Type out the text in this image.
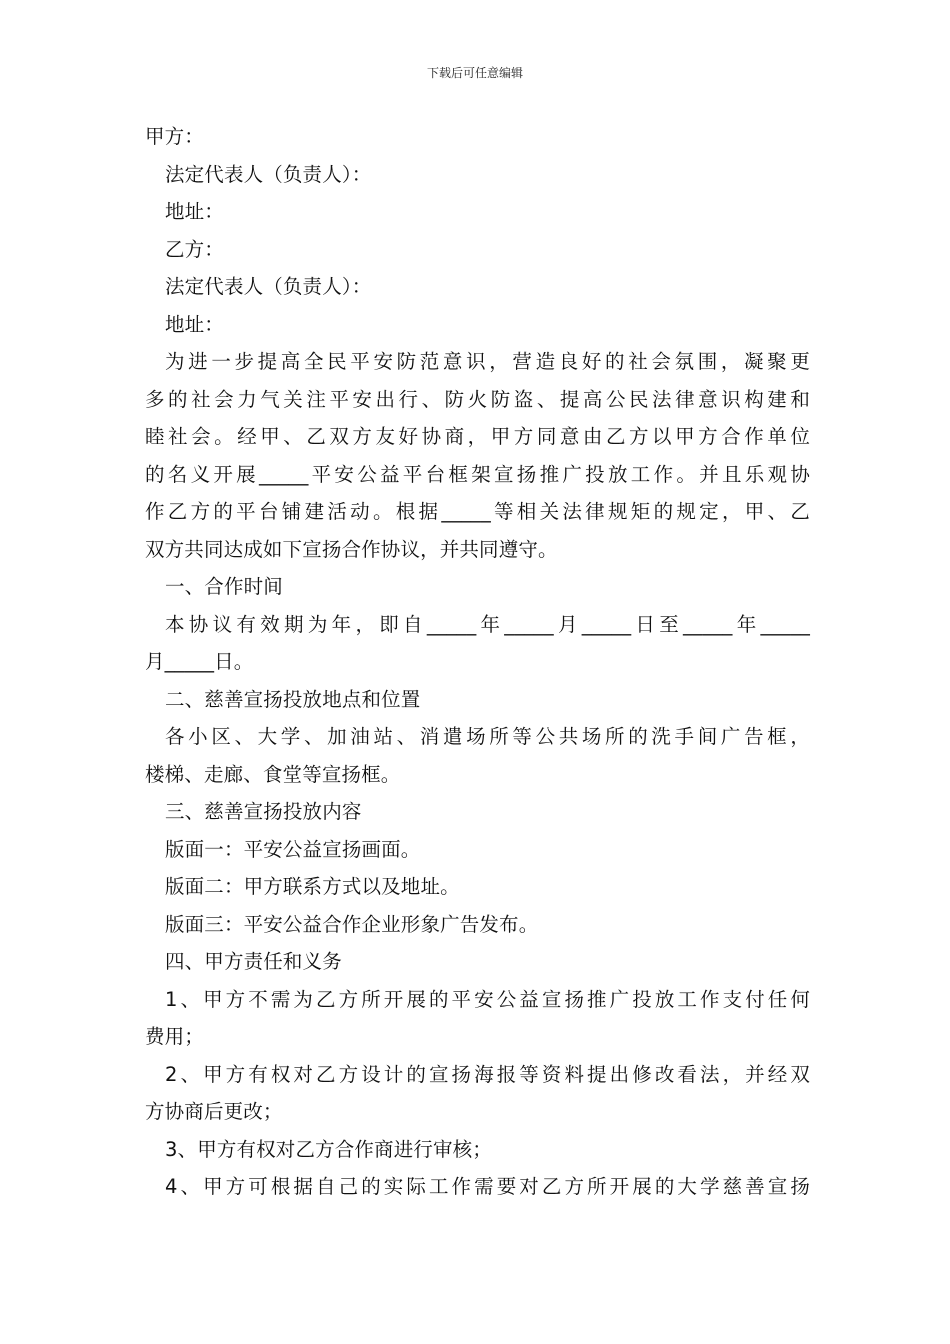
下载后可任意编辑
甲方：
法定代表人（负责人）：
地址：
乙方：
法定代表人（负责人）：
地址：
为进一步提高全民平安防范意识，营造良好的社会氛围，凝聚更
多的社会力气关注平安出行、防火防盗、提高公民法律意识构建和
睦社会。经甲、乙双方友好协商，甲方同意由乙方以甲方合作单位
的名义开展_____平安公益平台框架宣扬推广投放工作。并且乐观协
作乙方的平台铺建活动。根据_____等相关法律规矩的规定，甲、乙
双方共同达成如下宣扬合作协议，并共同遵守。
一、合作时间
本协议有效期为年，即自_____年_____月_____日至_____年_____
月_____日。
二、慈善宣扬投放地点和位置
各小区、大学、加油站、消遣场所等公共场所的洗手间广告框，
楼梯、走廊、食堂等宣扬框。
三、慈善宣扬投放内容
版面一：平安公益宣扬画面。
版面二：甲方联系方式以及地址。
版面三：平安公益合作企业形象广告发布。
四、甲方责任和义务
1、甲方不需为乙方所开展的平安公益宣扬推广投放工作支付任何
费用；
2、甲方有权对乙方设计的宣扬海报等资料提出修改看法，并经双
方协商后更改；
3、甲方有权对乙方合作商进行审核；
4、甲方可根据自己的实际工作需要对乙方所开展的大学慈善宣扬
